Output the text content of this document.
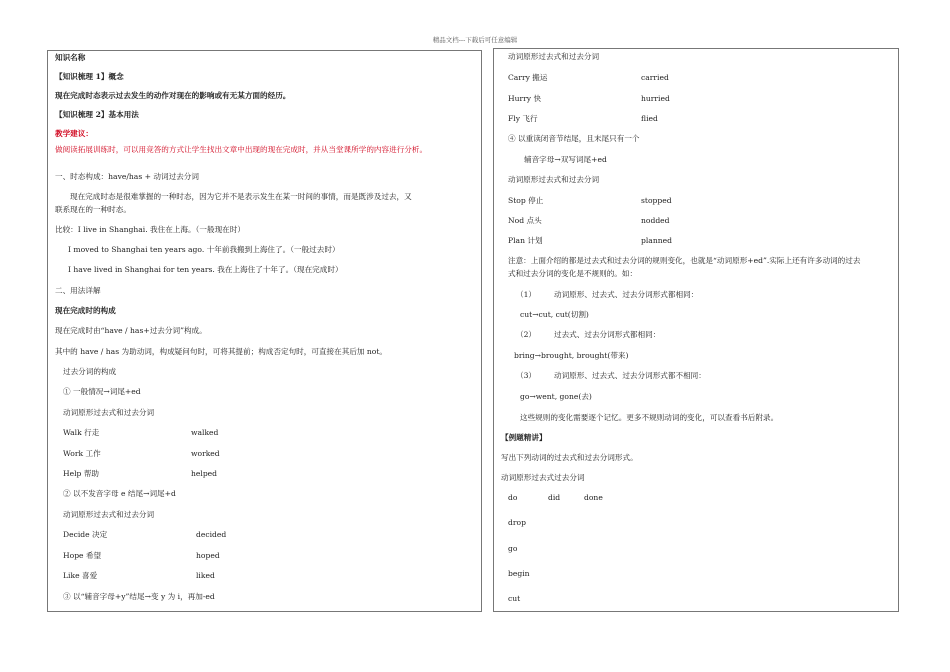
精品文档---下载后可任意编辑
知识名称
【知识梳理 1】概念
现在完成时态表示过去发生的动作对现在的影响或有无某方面的经历。
【知识梳理 2】基本用法
教学建议：
做阅读拓展训练时，可以用竞答的方式让学生找出文章中出现的现在完成时，并从当堂课所学的内容进行分析。
一、时态构成：have/has + 动词过去分词
现在完成时态是很难掌握的一种时态，因为它并不是表示发生在某一时间的事情，而是既涉及过去，又
联系现在的一种时态。
比较：I live in Shanghai. 我住在上海。（一般现在时）
I moved to Shanghai ten years ago. 十年前我搬到上海住了。（一般过去时）
I have lived in Shanghai for ten years. 我在上海住了十年了。（现在完成时）
二、用法详解
现在完成时的构成
现在完成时由“have / has+过去分词”构成。
其中的 have / has 为助动词，构成疑问句时，可将其提前；构成否定句时，可直接在其后加 not。
过去分词的构成
① 一般情况→词尾+ed
动词原形过去式和过去分词
Walk 行走	walked
Work 工作	worked
Help 帮助	helped
② 以不发音字母 e 结尾→词尾+d
动词原形过去式和过去分词
Decide 决定	decided
Hope 希望	hoped
Like 喜爱	liked
③ 以“辅音字母+y”结尾→变 y 为 i，再加-ed
动词原形过去式和过去分词
Carry 搬运	carried
Hurry 快	hurried
Fly 飞行	flied
④ 以重读闭音节结尾，且末尾只有一个
辅音字母→双写词尾+ed
动词原形过去式和过去分词
Stop 停止	stopped
Nod 点头	nodded
Plan 计划	planned
注意：上面介绍的都是过去式和过去分词的规则变化，也就是“动词原形+ed”.实际上还有许多动词的过去
式和过去分词的变化是不规则的。如：
（1） 动词原形、过去式、过去分词形式都相同：
cut→cut, cut(切割)
（2） 过去式、过去分词形式都相同：
bring→brought, brought(带来)
（3） 动词原形、过去式、过去分词形式都不相同：
go→went, gone(去)
这些规则的变化需要逐个记忆。更多不规则动词的变化，可以查看书后附录。
【例题精讲】
写出下列动词的过去式和过去分词形式。
动词原形过去式过去分词
do	did	done
drop
go
begin
cut
